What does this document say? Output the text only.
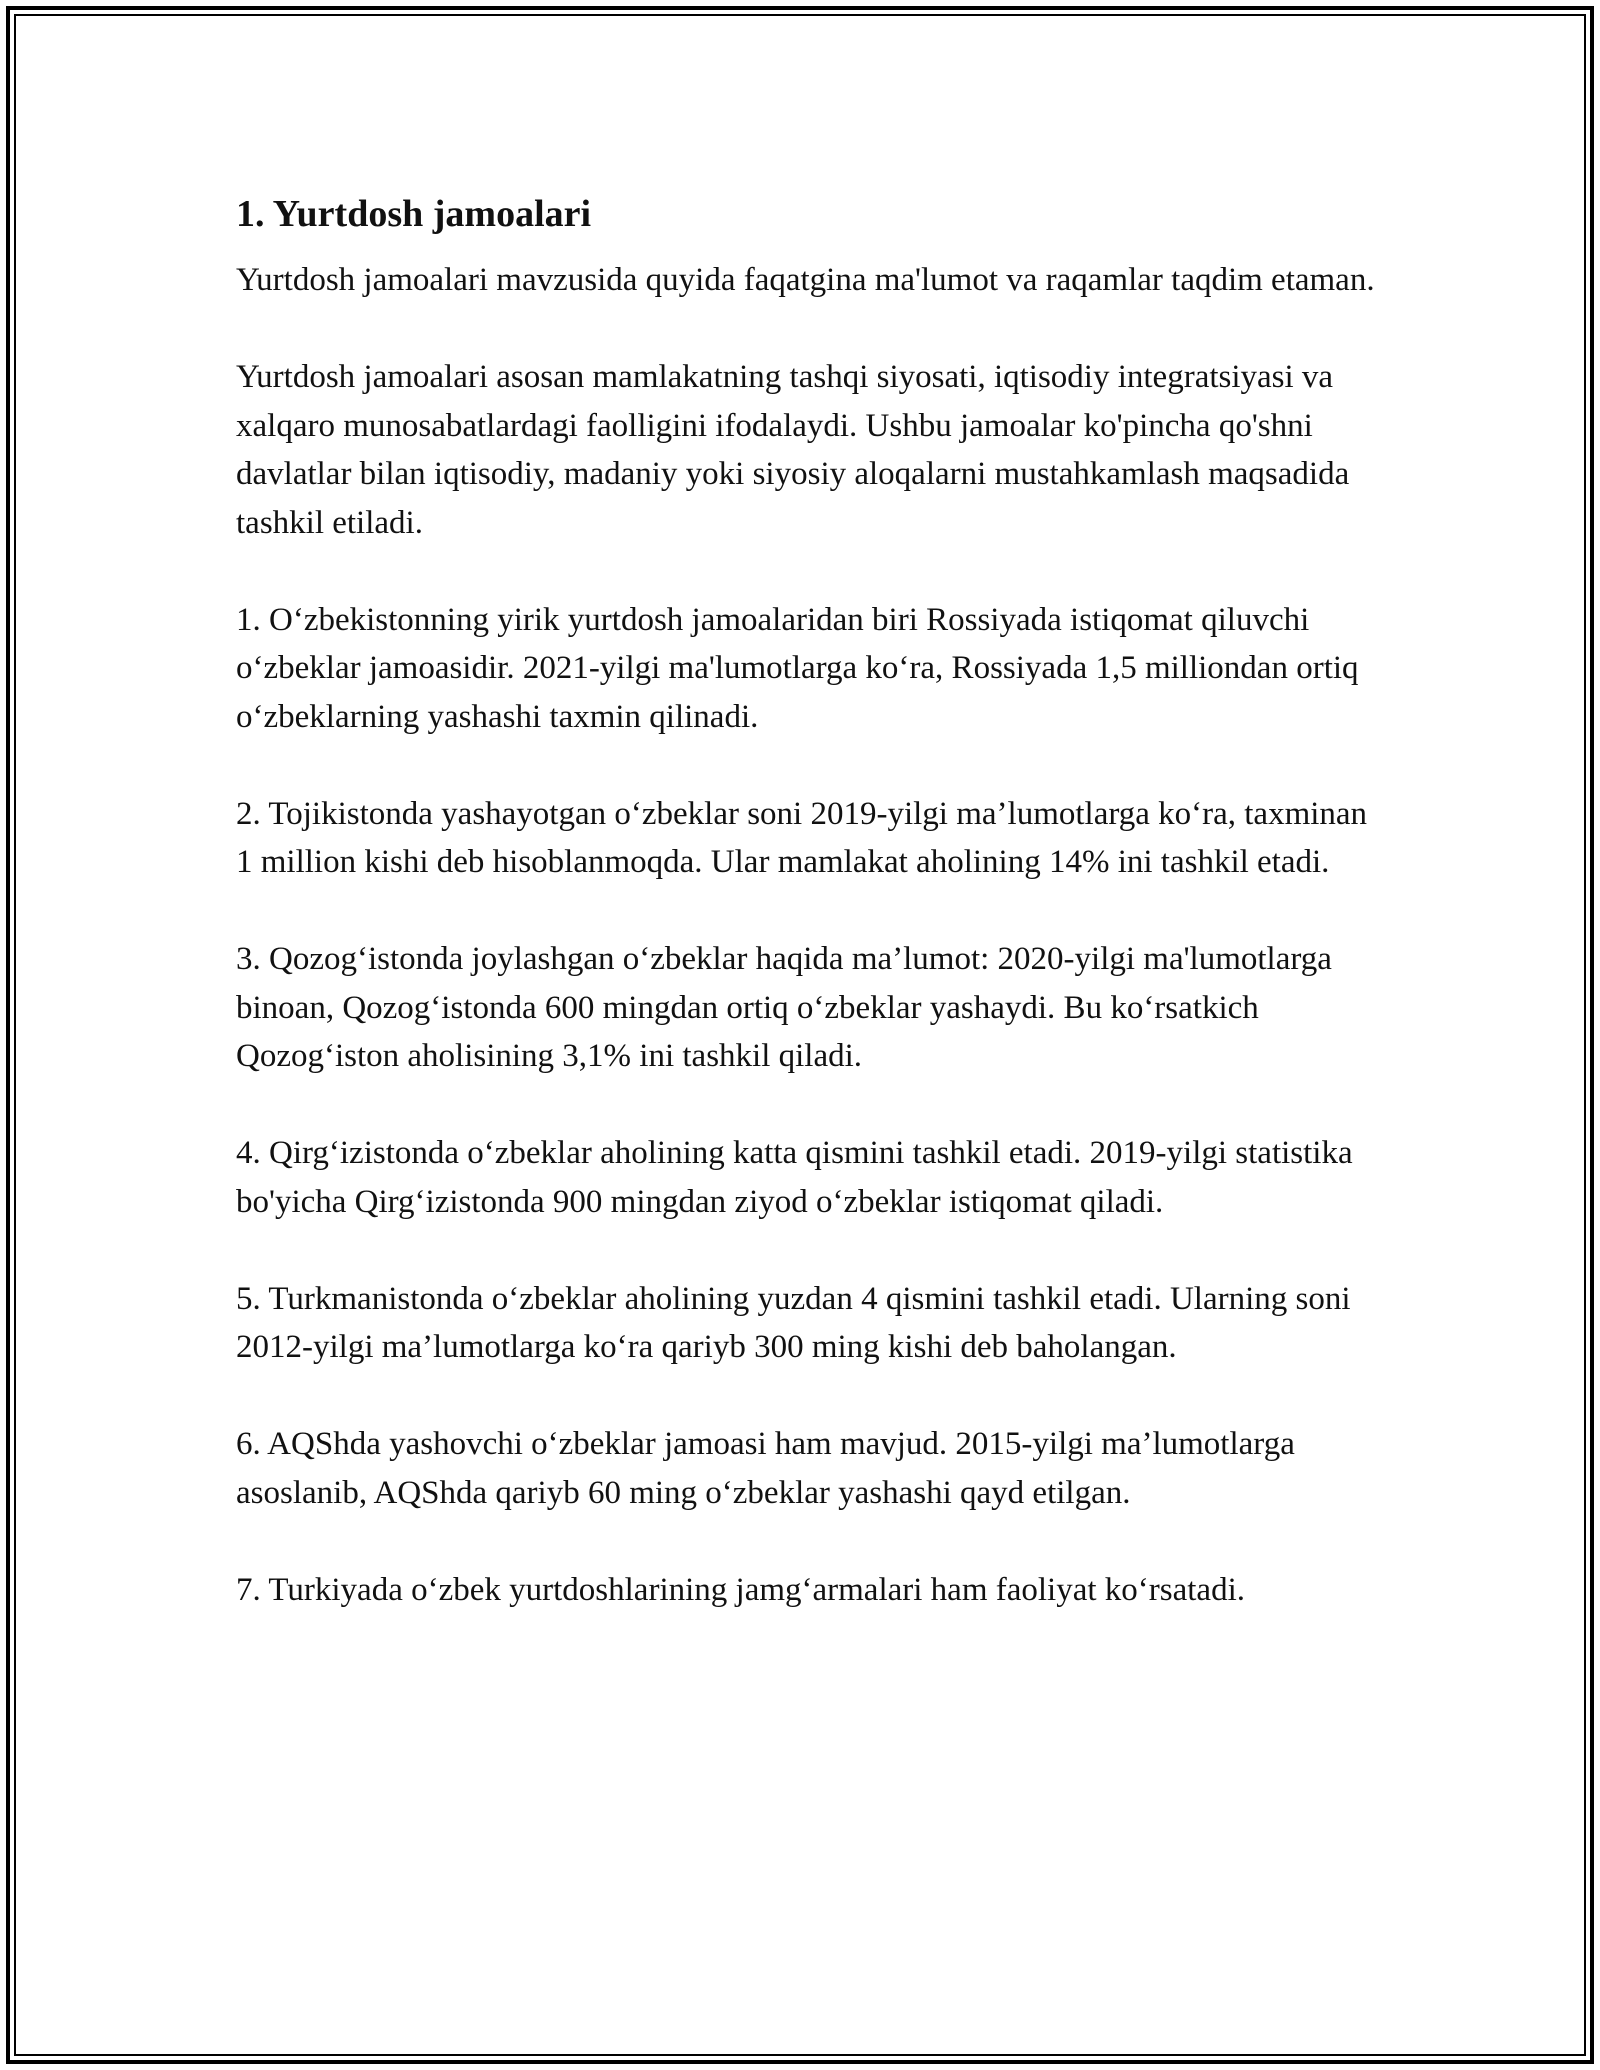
1. Yurtdosh jamoalari

Yurtdosh jamoalari mavzusida quyida faqatgina ma'lumot va raqamlar taqdim etaman.

Yurtdosh jamoalari asosan mamlakatning tashqi siyosati, iqtisodiy integratsiyasi va xalqaro munosabatlardagi faolligini ifodalaydi. Ushbu jamoalar ko'pincha qo'shni davlatlar bilan iqtisodiy, madaniy yoki siyosiy aloqalarni mustahkamlash maqsadida tashkil etiladi.

1. O‘zbekistonning yirik yurtdosh jamoalaridan biri Rossiyada istiqomat qiluvchi o‘zbeklar jamoasidir. 2021-yilgi ma'lumotlarga ko‘ra, Rossiyada 1,5 milliondan ortiq o‘zbeklarning yashashi taxmin qilinadi.

2. Tojikistonda yashayotgan o‘zbeklar soni 2019-yilgi ma’lumotlarga ko‘ra, taxminan 1 million kishi deb hisoblanmoqda. Ular mamlakat aholining 14% ini tashkil etadi.

3. Qozog‘istonda joylashgan o‘zbeklar haqida ma’lumot: 2020-yilgi ma'lumotlarga binoan, Qozog‘istonda 600 mingdan ortiq o‘zbeklar yashaydi. Bu ko‘rsatkich Qozog‘iston aholisining 3,1% ini tashkil qiladi.

4. Qirg‘izistonda o‘zbeklar aholining katta qismini tashkil etadi. 2019-yilgi statistika bo'yicha Qirg‘izistonda 900 mingdan ziyod o‘zbeklar istiqomat qiladi.

5. Turkmanistonda o‘zbeklar aholining yuzdan 4 qismini tashkil etadi. Ularning soni 2012-yilgi ma’lumotlarga ko‘ra qariyb 300 ming kishi deb baholangan.

6. AQShda yashovchi o‘zbeklar jamoasi ham mavjud. 2015-yilgi ma’lumotlarga asoslanib, AQShda qariyb 60 ming o‘zbeklar yashashi qayd etilgan.

7. Turkiyada o‘zbek yurtdoshlarining jamg‘armalari ham faoliyat ko‘rsatadi.
